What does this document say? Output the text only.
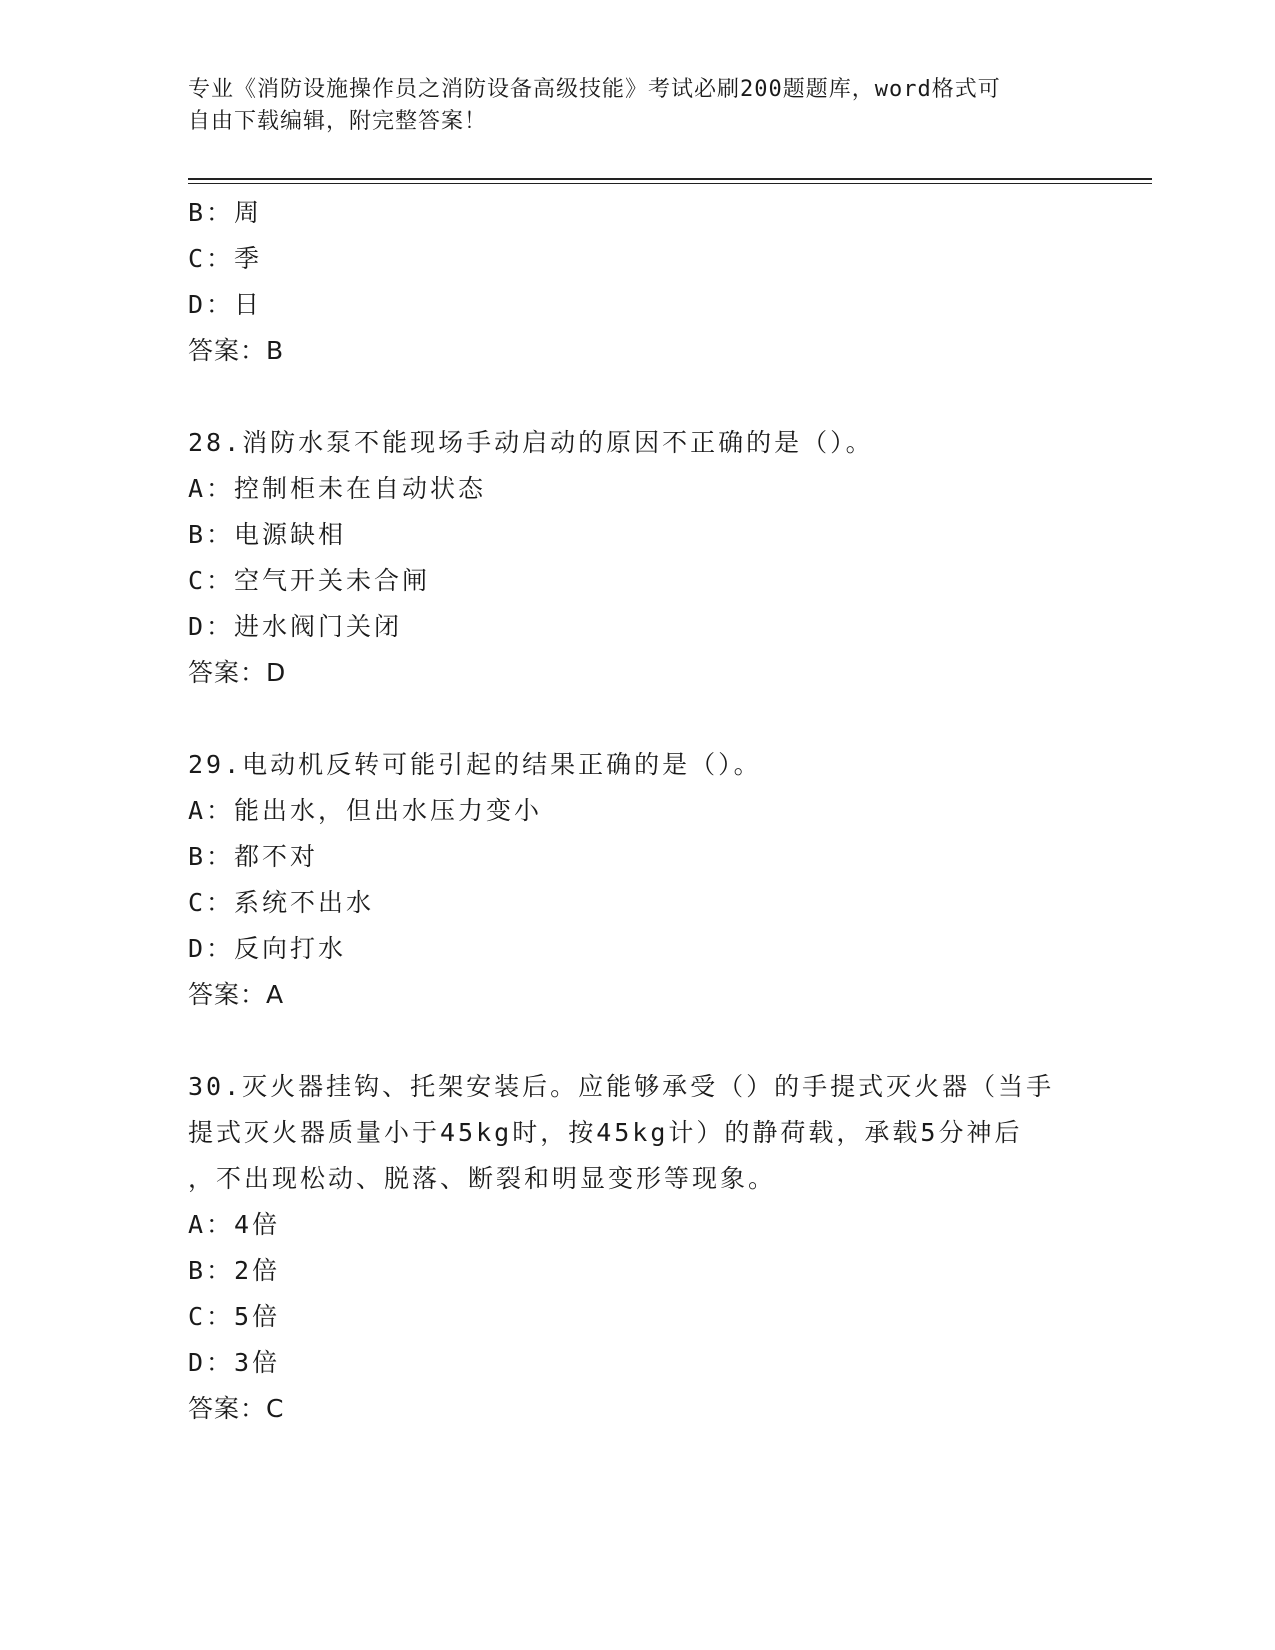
专业《消防设施操作员之消防设备高级技能》考试必刷200题题库，word格式可
自由下载编辑，附完整答案！
B：周
C：季
D：日
答案：B
28.消防水泵不能现场手动启动的原因不正确的是（）。
A：控制柜未在自动状态
B：电源缺相
C：空气开关未合闸
D：进水阀门关闭
答案：D
29.电动机反转可能引起的结果正确的是（）。
A：能出水，但出水压力变小
B：都不对
C：系统不出水
D：反向打水
答案：A
30.灭火器挂钩、托架安装后。应能够承受（）的手提式灭火器（当手
提式灭火器质量小于45kg时，按45kg计）的静荷载，承载5分神后
，不出现松动、脱落、断裂和明显变形等现象。
A：4倍
B：2倍
C：5倍
D：3倍
答案：C
